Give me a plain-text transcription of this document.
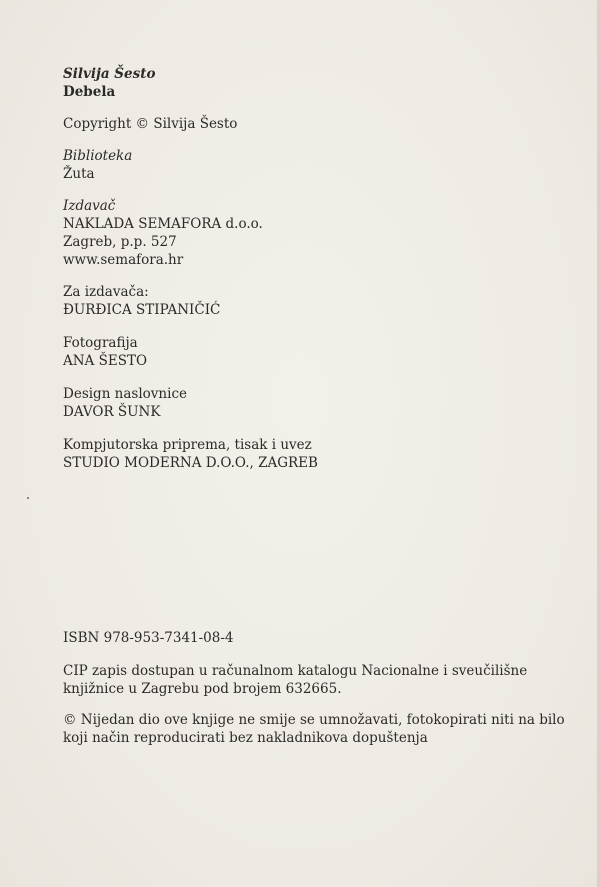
Silvija Šesto
Debela
Copyright © Silvija Šesto
Biblioteka
Žuta
Izdavač
NAKLADA SEMAFORA d.o.o.
Zagreb, p.p. 527
www.semafora.hr
Za izdavača:
ĐURĐICA STIPANIČIĆ
Fotografija
ANA ŠESTO
Design naslovnice
DAVOR ŠUNK
Kompjutorska priprema, tisak i uvez
STUDIO MODERNA D.O.O., ZAGREB
ISBN 978-953-7341-08-4
CIP zapis dostupan u računalnom katalogu Nacionalne i sveučilišne
knjižnice u Zagrebu pod brojem 632665.
© Nijedan dio ove knjige ne smije se umnožavati, fotokopirati niti na bilo
koji način reproducirati bez nakladnikova dopuštenja
